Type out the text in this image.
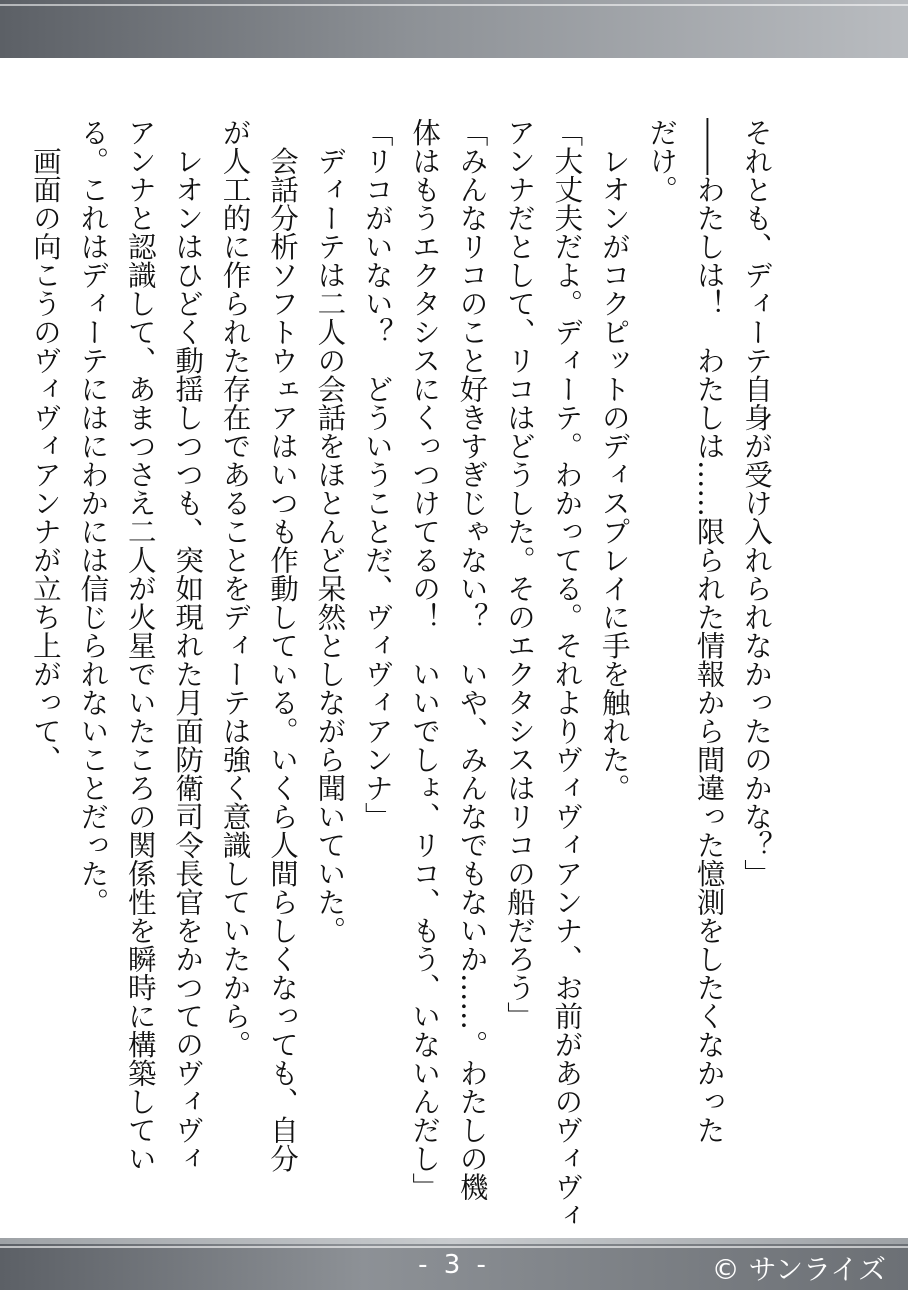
それとも、ディーテ自身が受け入れられなかったのかな？」
――わたしは！　わたしは……限られた情報から間違った憶測をしたくなかった
だけ。
　レオンがコクピットのディスプレイに手を触れた。
「大丈夫だよ。ディーテ。わかってる。それよりヴィヴィアンナ、お前があのヴィヴィ
アンナだとして、リコはどうした。そのエクタシスはリコの船だろう」
「みんなリコのこと好きすぎじゃない？　いや、みんなでもないか……。わたしの機
体はもうエクタシスにくっつけてるの！　いいでしょ、リコ、もう、いないんだし」
「リコがいない？　どういうことだ、ヴィヴィアンナ」
　ディーテは二人の会話をほとんど呆然としながら聞いていた。
　会話分析ソフトウェアはいつも作動している。いくら人間らしくなっても、自分
が人工的に作られた存在であることをディーテは強く意識していたから。
　レオンはひどく動揺しつつも、突如現れた月面防衛司令長官をかつてのヴィヴィ
アンナと認識して、あまつさえ二人が火星でいたころの関係性を瞬時に構築してい
る。これはディーテにはにわかには信じられないことだった。
　画面の向こうのヴィヴィアンナが立ち上がって、
- 3 -	© サンライズ
